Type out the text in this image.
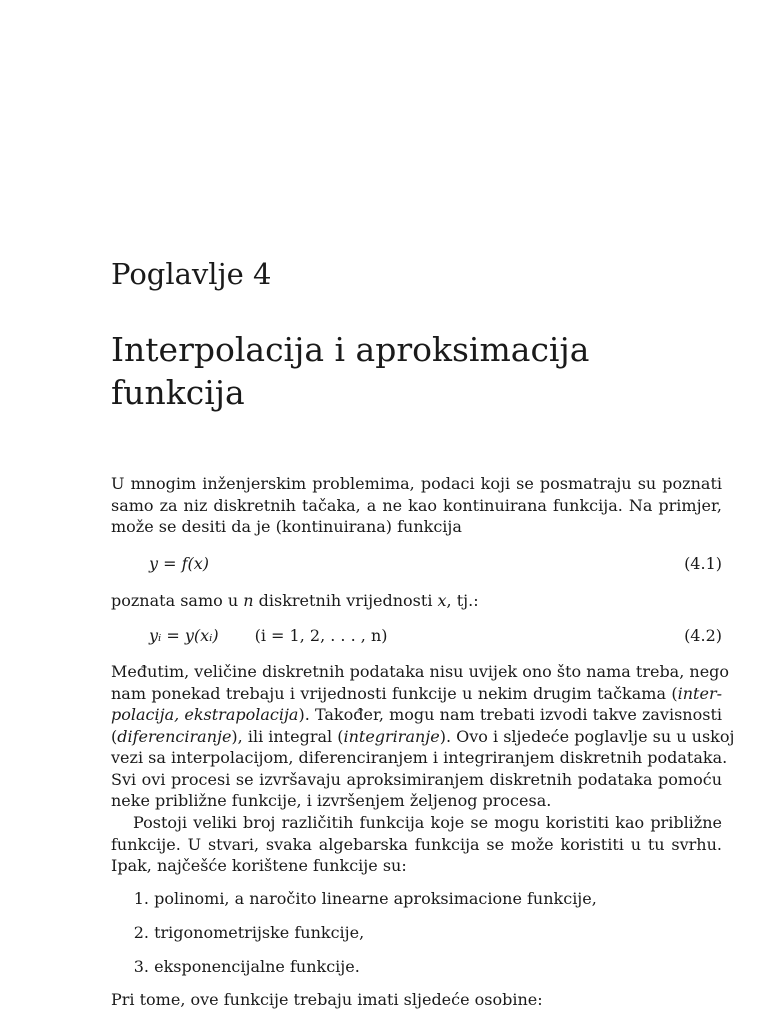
Poglavlje 4
Interpolacija i aproksimacija
funkcija
U mnogim inženjerskim problemima, podaci koji se posmatraju su poznati
samo za niz diskretnih tačaka, a ne kao kontinuirana funkcija. Na primjer,
može se desiti da je (kontinuirana) funkcija
y = f(x)	(4.1)
poznata samo u n diskretnih vrijednosti x, tj.:
yᵢ = y(xᵢ) (i = 1, 2, . . . , n)	(4.2)
Međutim, veličine diskretnih podataka nisu uvijek ono što nama treba, nego
nam ponekad trebaju i vrijednosti funkcije u nekim drugim tačkama (inter-
polacija, ekstrapolacija). Također, mogu nam trebati izvodi takve zavisnosti
(diferenciranje), ili integral (integriranje). Ovo i sljedeće poglavlje su u uskoj
vezi sa interpolacijom, diferenciranjem i integriranjem diskretnih podataka.
Svi ovi procesi se izvršavaju aproksimiranjem diskretnih podataka pomoću
neke približne funkcije, i izvršenjem željenog procesa.
Postoji veliki broj različitih funkcija koje se mogu koristiti kao približne
funkcije. U stvari, svaka algebarska funkcija se može koristiti u tu svrhu.
Ipak, najčešće korištene funkcije su:
1. polinomi, a naročito linearne aproksimacione funkcije,
2. trigonometrijske funkcije,
3. eksponencijalne funkcije.
Pri tome, ove funkcije trebaju imati sljedeće osobine:
